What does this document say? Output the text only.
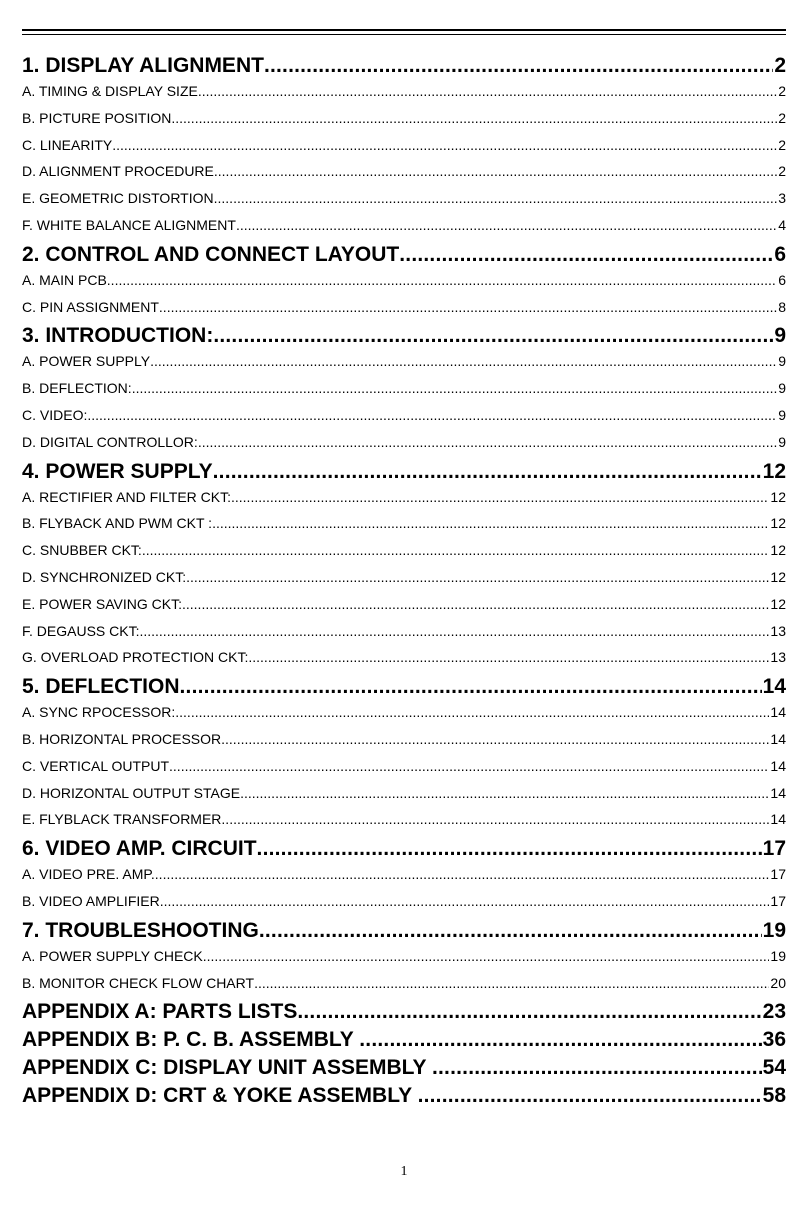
1. DISPLAY ALIGNMENT .....	2
A. TIMING & DISPLAY SIZE .....	2
B. PICTURE POSITION .....	2
C. LINEARITY .....	2
D. ALIGNMENT PROCEDURE .....	2
E. GEOMETRIC DISTORTION .....	3
F. WHITE BALANCE ALIGNMENT .....	4
2. CONTROL AND CONNECT LAYOUT .....	6
A. MAIN PCB .....	6
C. PIN ASSIGNMENT .....	8
3. INTRODUCTION: .....	9
A. POWER SUPPLY .....	9
B. DEFLECTION: .....	9
C. VIDEO: .....	9
D. DIGITAL CONTROLLOR: .....	9
4. POWER SUPPLY .....	12
A. RECTIFIER AND FILTER CKT: .....	12
B. FLYBACK AND PWM CKT : .....	12
C. SNUBBER CKT: .....	12
D. SYNCHRONIZED CKT: .....	12
E. POWER SAVING CKT: .....	12
F. DEGAUSS CKT: .....	13
G. OVERLOAD PROTECTION CKT: .....	13
5. DEFLECTION .....	14
A. SYNC RPOCESSOR: .....	14
B. HORIZONTAL PROCESSOR .....	14
C. VERTICAL OUTPUT .....	14
D. HORIZONTAL OUTPUT STAGE .....	14
E. FLYBLACK TRANSFORMER .....	14
6. VIDEO AMP. CIRCUIT .....	17
A. VIDEO PRE. AMP. .....	17
B. VIDEO AMPLIFIER .....	17
7. TROUBLESHOOTING .....	19
A. POWER SUPPLY CHECK .....	19
B. MONITOR CHECK FLOW CHART .....	20
APPENDIX A: PARTS LISTS .....	23
APPENDIX B: P. C. B. ASSEMBLY .....	36
APPENDIX C: DISPLAY UNIT ASSEMBLY .....	54
APPENDIX D: CRT & YOKE ASSEMBLY .....	58
1
